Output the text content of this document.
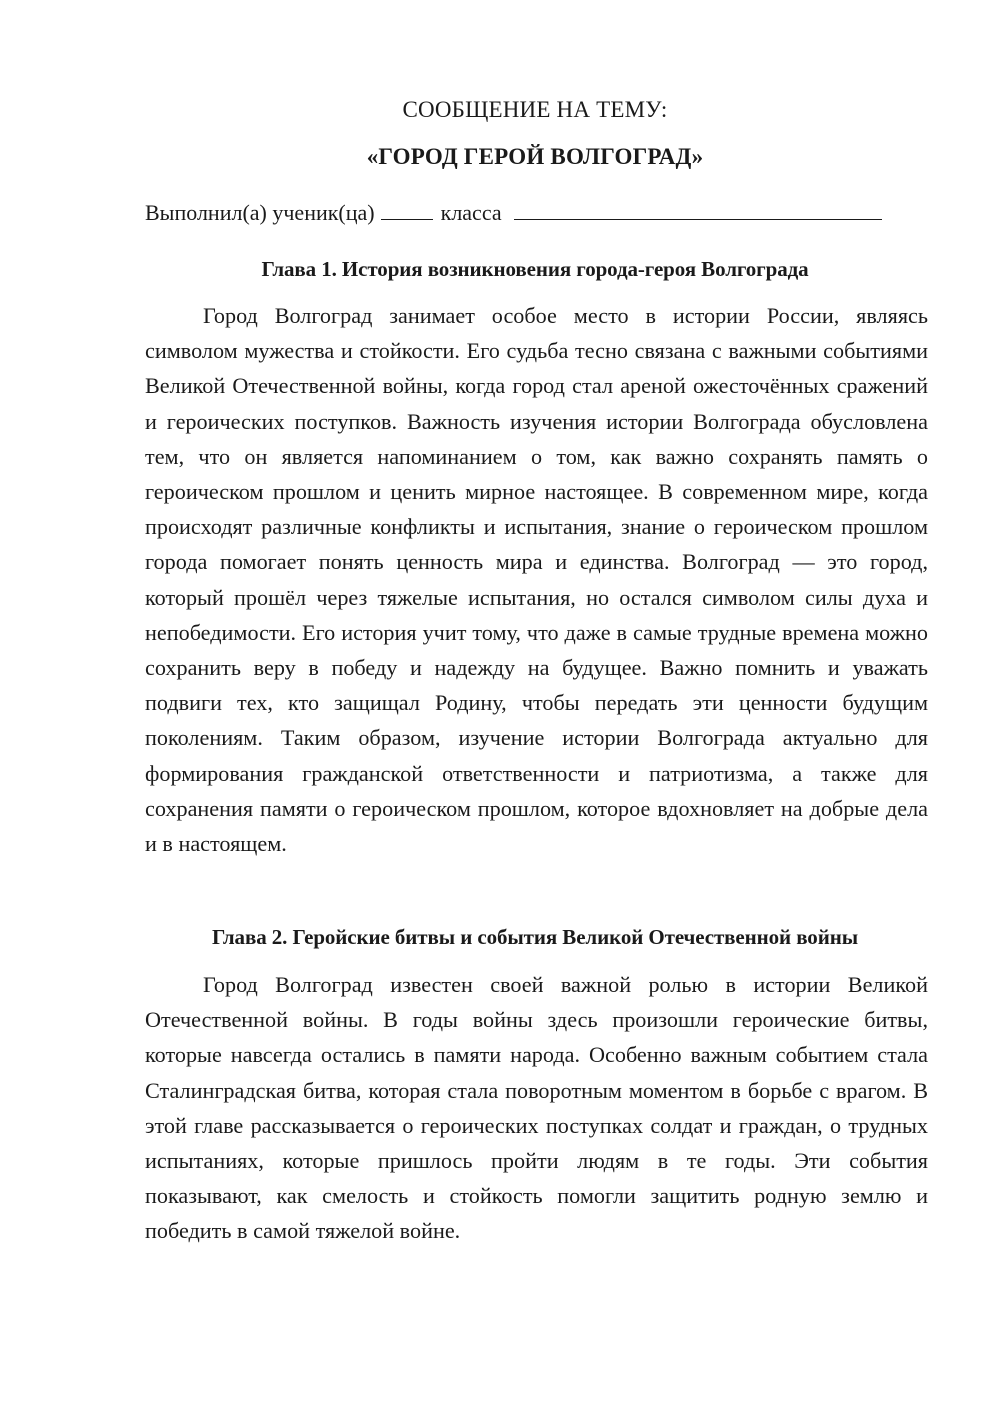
СООБЩЕНИЕ НА ТЕМУ:
«ГОРОД ГЕРОЙ ВОЛГОГРАД»
Выполнил(а) ученик(ца)	класса
Глава 1. История возникновения города-героя Волгограда

Город Волгоград занимает особое место в истории России, являясь символом мужества и стойкости. Его судьба тесно связана с важными событиями Великой Отечественной войны, когда город стал ареной ожесточённых сражений и героических поступков. Важность изучения истории Волгограда обусловлена тем, что он является напоминанием о том, как важно сохранять память о героическом прошлом и ценить мирное настоящее. В современном мире, когда происходят различные конфликты и испытания, знание о героическом прошлом города помогает понять ценность мира и единства. Волгоград — это город, который прошёл через тяжелые испытания, но остался символом силы духа и непобедимости. Его история учит тому, что даже в самые трудные времена можно сохранить веру в победу и надежду на будущее. Важно помнить и уважать подвиги тех, кто защищал Родину, чтобы передать эти ценности будущим поколениям. Таким образом, изучение истории Волгограда актуально для формирования гражданской ответственности и патриотизма, а также для сохранения памяти о героическом прошлом, которое вдохновляет на добрые дела и в настоящем.

Глава 2. Геройские битвы и события Великой Отечественной войны

Город Волгоград известен своей важной ролью в истории Великой Отечественной войны. В годы войны здесь произошли героические битвы, которые навсегда остались в памяти народа. Особенно важным событием стала Сталинградская битва, которая стала поворотным моментом в борьбе с врагом. В этой главе рассказывается о героических поступках солдат и граждан, о трудных испытаниях, которые пришлось пройти людям в те годы. Эти события показывают, как смелость и стойкость помогли защитить родную землю и победить в самой тяжелой войне.
